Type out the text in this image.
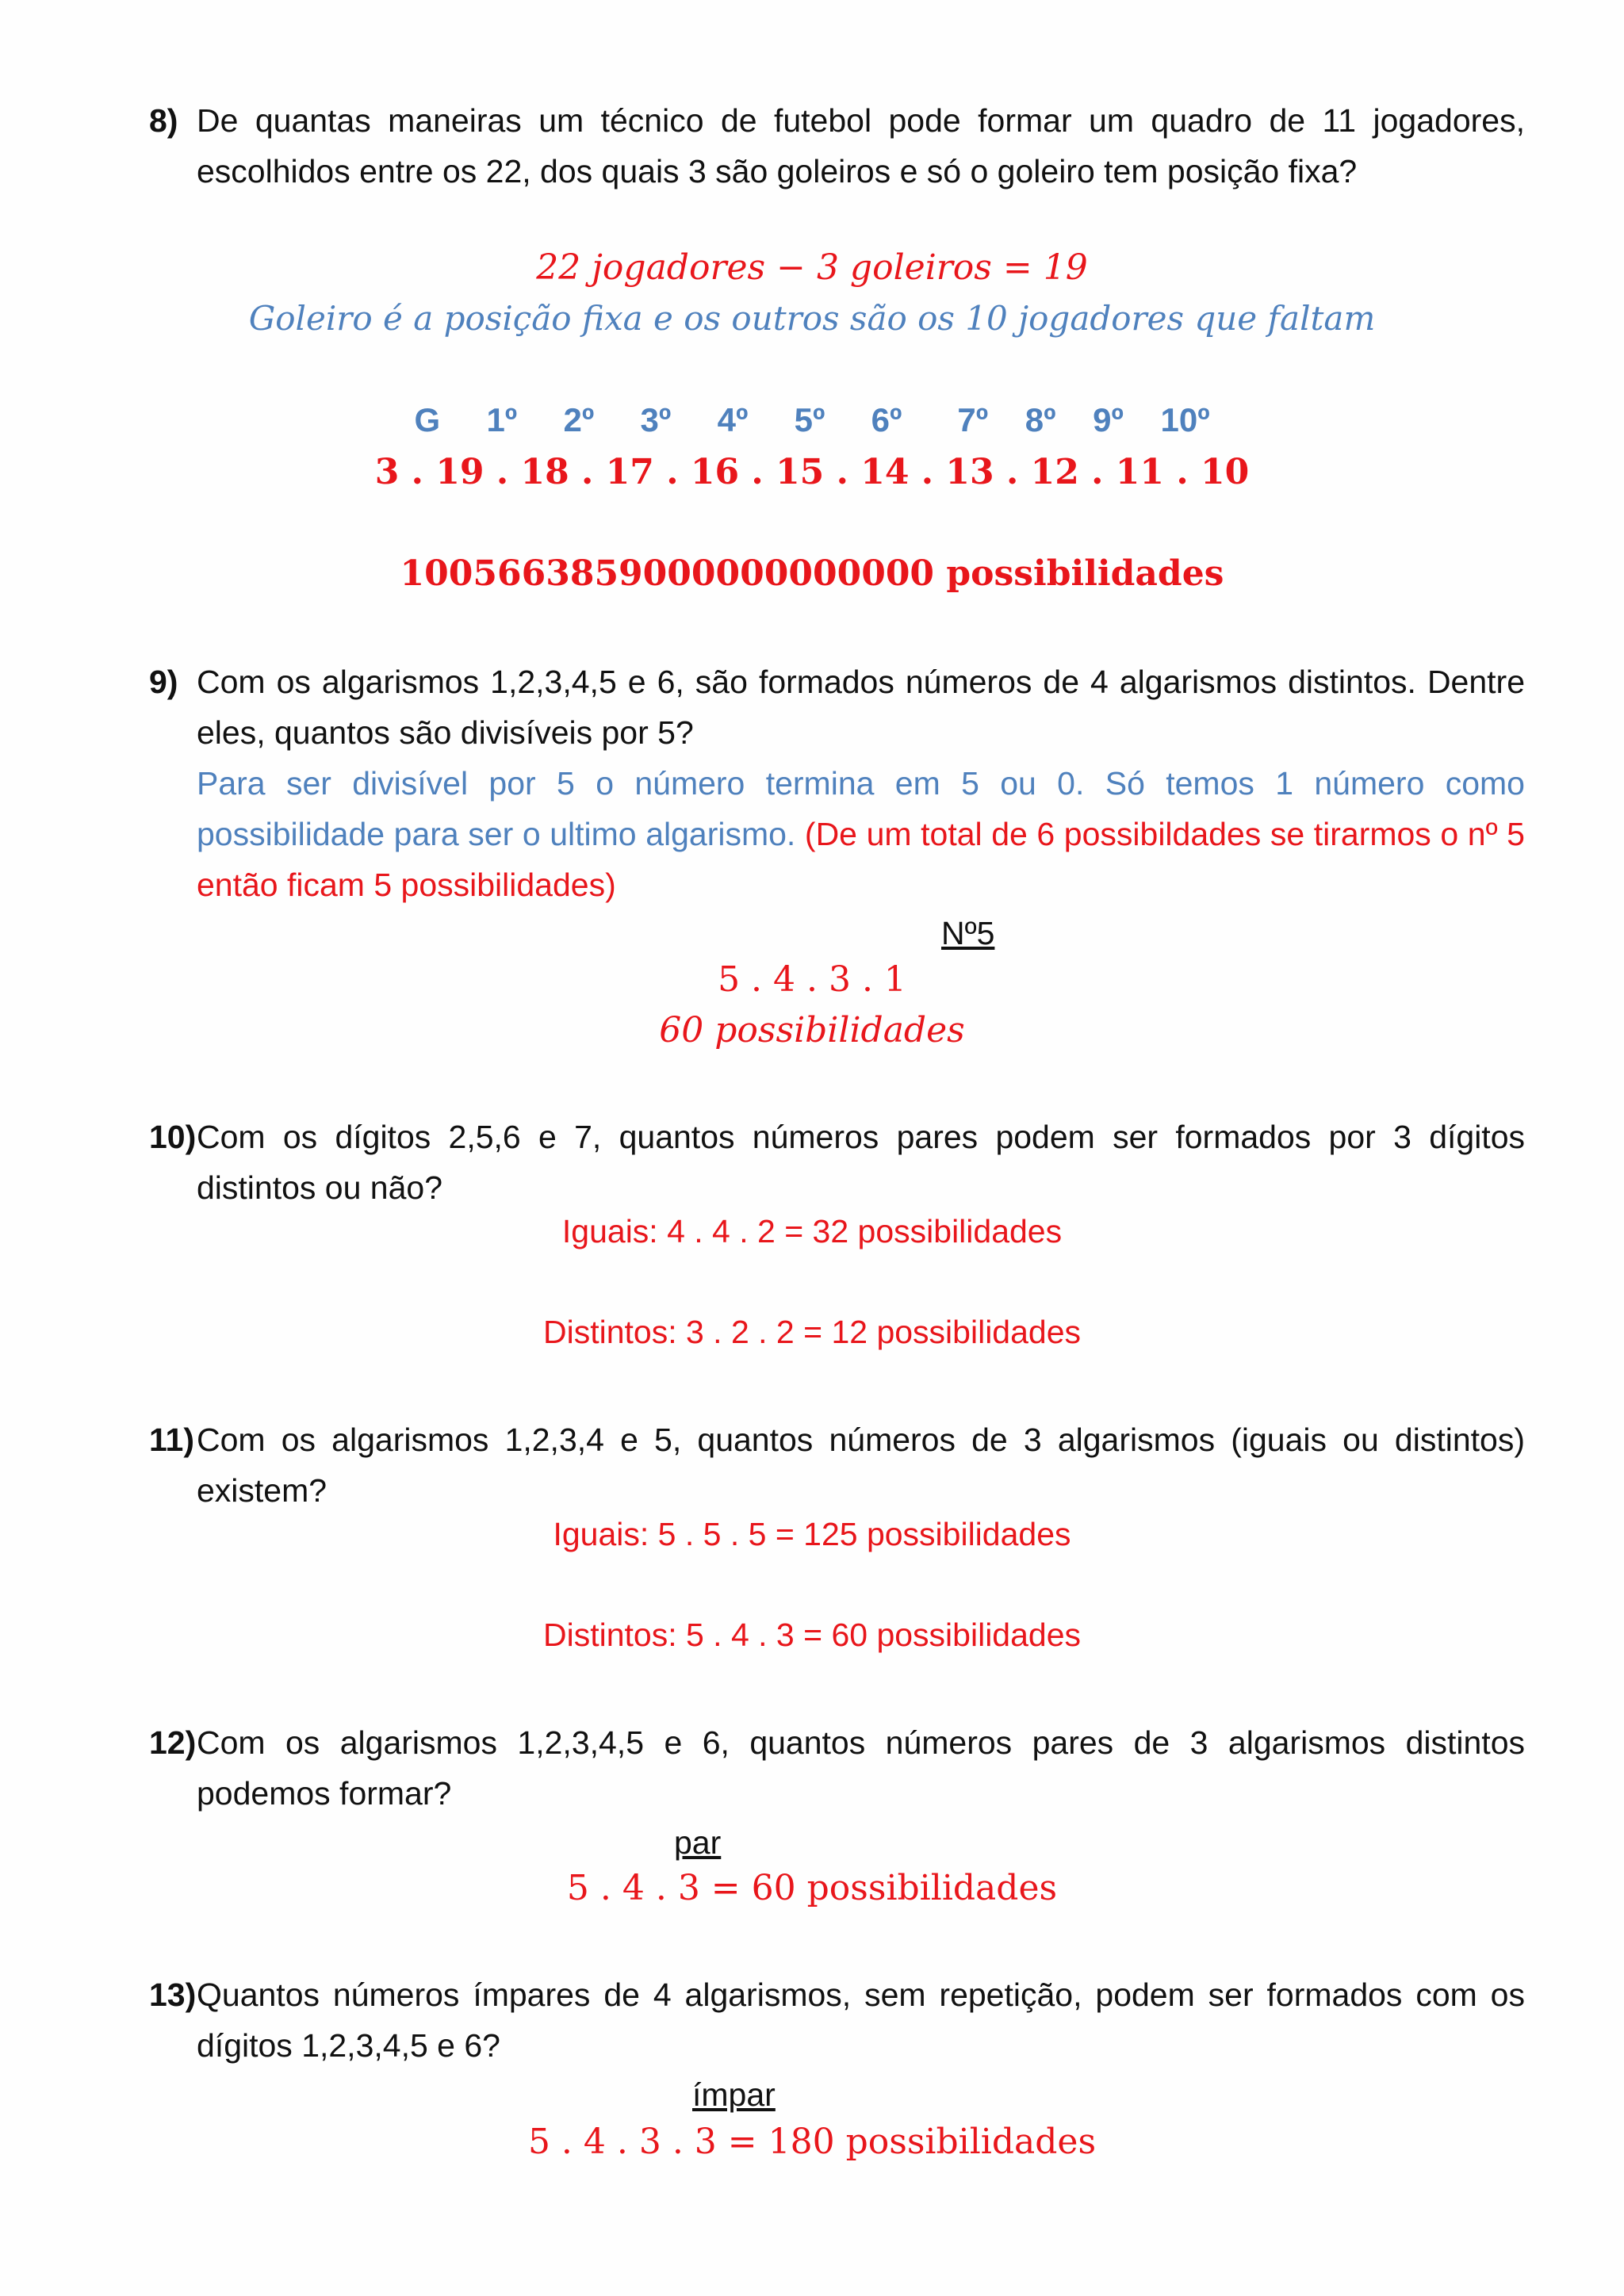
8) De quantas maneiras um técnico de futebol pode formar um quadro de 11 jogadores, escolhidos entre os 22, dos quais 3 são goleiros e só o goleiro tem posição fixa?
22 jogadores − 3 goleiros = 19
Goleiro é a posição fixa e os outros são os 10 jogadores que faltam
G     1º     2º     3º     4º     5º     6º      7º    8º    9º    10º
3 . 19 . 18 . 17 . 16 . 15 . 14 . 13 . 12 . 11 . 10
1005663859000000000000 possibilidades
9) Com os algarismos 1,2,3,4,5 e 6, são formados números de 4 algarismos distintos. Dentre eles, quantos são divisíveis por 5?
Para ser divisível por 5 o número termina em 5 ou 0. Só temos 1 número como possibilidade para ser o ultimo algarismo. (De um total de 6 possibildades se tirarmos o nº 5 então ficam 5 possibilidades)
Nº5
5 . 4 . 3 . 1
60 possibilidades
10) Com os dígitos 2,5,6 e 7, quantos números pares podem ser formados por 3 dígitos distintos ou não?
Iguais: 4 . 4 . 2 = 32 possibilidades
Distintos: 3 . 2 . 2 = 12 possibilidades
11) Com os algarismos 1,2,3,4 e 5, quantos números de 3 algarismos (iguais ou distintos) existem?
Iguais: 5 . 5 . 5 = 125 possibilidades
Distintos: 5 . 4 . 3 = 60 possibilidades
12) Com os algarismos 1,2,3,4,5 e 6, quantos números pares de 3 algarismos distintos podemos formar?
par
5 . 4 . 3 = 60 possibilidades
13) Quantos números ímpares de 4 algarismos, sem repetição, podem ser formados com os dígitos 1,2,3,4,5 e 6?
ímpar
5 . 4 . 3 . 3 = 180 possibilidades
